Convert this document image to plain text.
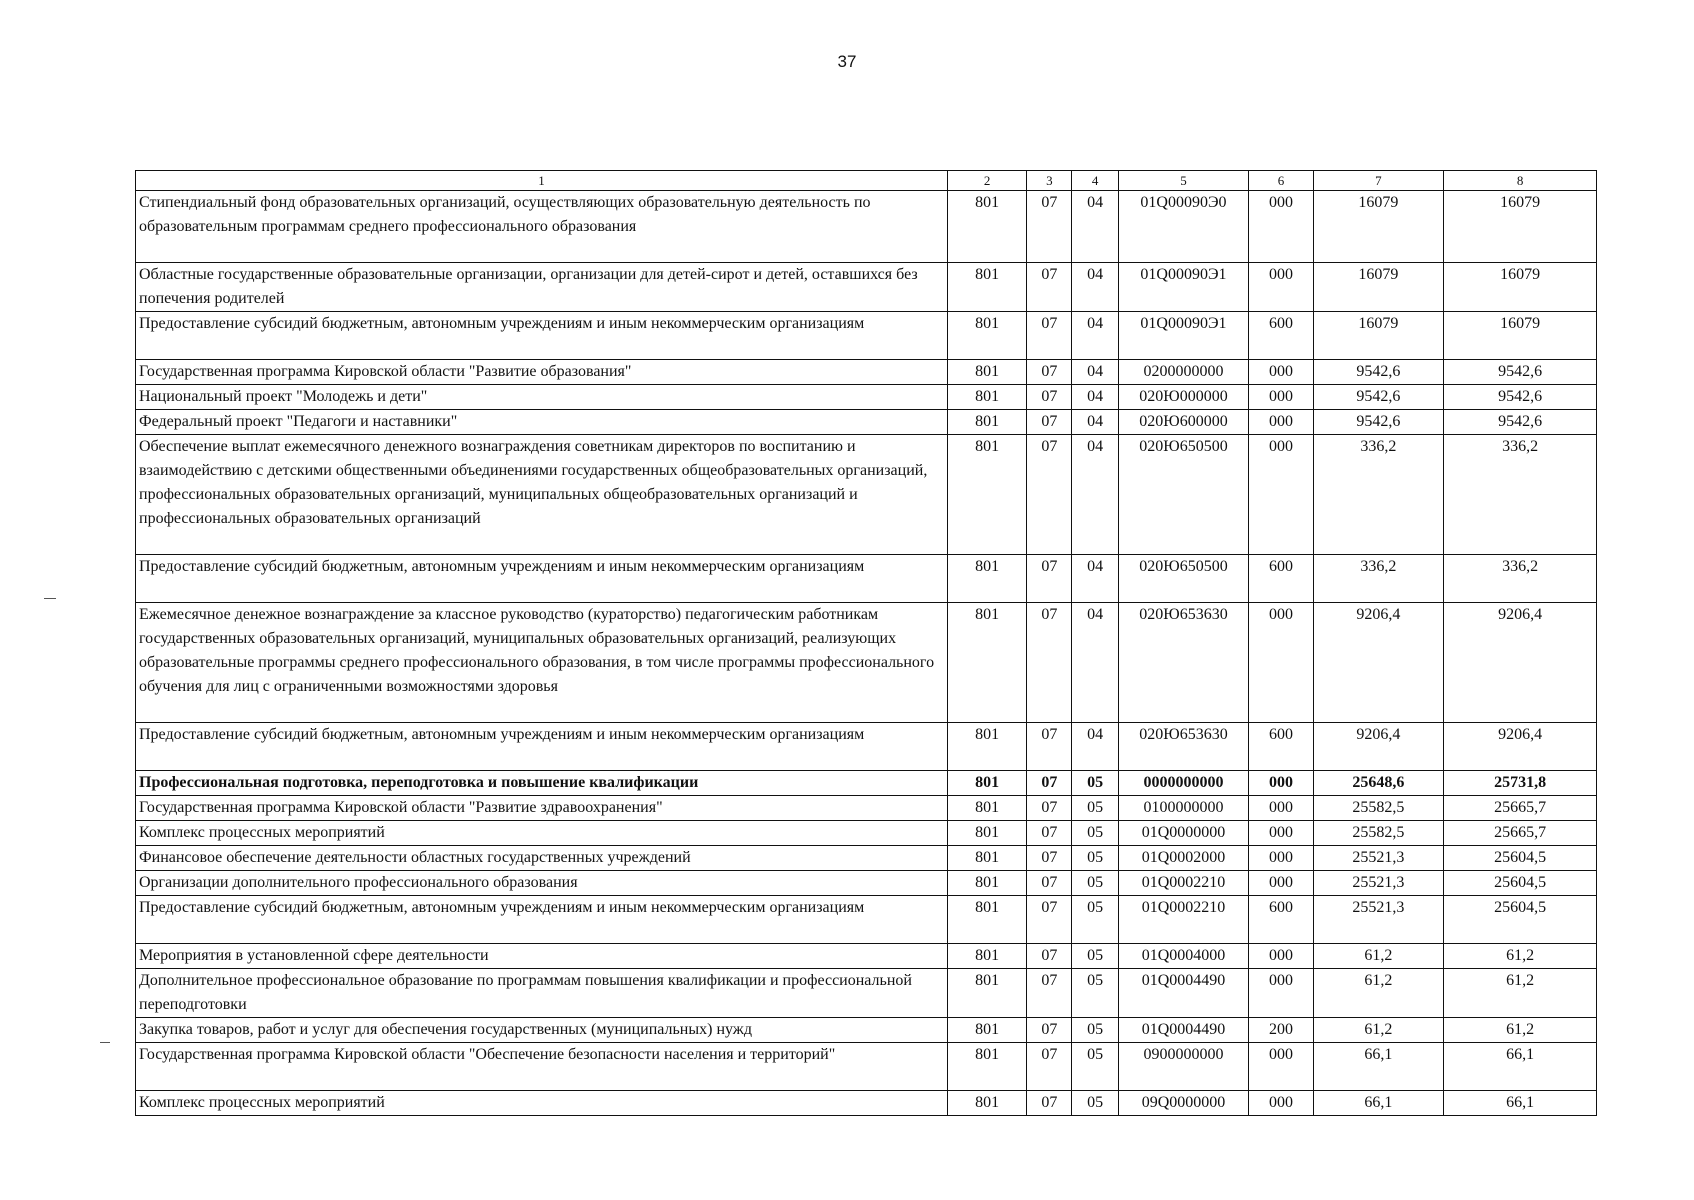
37
1	2	3	4	5	6	7	8
Стипендиальный фонд образовательных организаций, осуществляющих образовательную деятельность по образовательным программам среднего профессионального образования	801	07	04	01Q00090Э0	000	16079	16079
Областные государственные образовательные организации, организации для детей-сирот и детей, оставшихся без попечения родителей	801	07	04	01Q00090Э1	000	16079	16079
Предоставление субсидий бюджетным, автономным учреждениям и иным некоммерческим организациям	801	07	04	01Q00090Э1	600	16079	16079
Государственная программа Кировской области "Развитие образования"	801	07	04	0200000000	000	9542,6	9542,6
Национальный проект "Молодежь и дети"	801	07	04	020Ю000000	000	9542,6	9542,6
Федеральный проект "Педагоги и наставники"	801	07	04	020Ю600000	000	9542,6	9542,6
Обеспечение выплат ежемесячного денежного вознаграждения советникам директоров по воспитанию и взаимодействию с детскими общественными объединениями государственных общеобразовательных организаций, профессиональных образовательных организаций, муниципальных общеобразовательных организаций и профессиональных образовательных организаций	801	07	04	020Ю650500	000	336,2	336,2
Предоставление субсидий бюджетным, автономным учреждениям и иным некоммерческим организациям	801	07	04	020Ю650500	600	336,2	336,2
Ежемесячное денежное вознаграждение за классное руководство (кураторство) педагогическим работникам государственных образовательных организаций, муниципальных образовательных организаций, реализующих образовательные программы среднего профессионального образования, в том числе программы профессионального обучения для лиц с ограниченными возможностями здоровья	801	07	04	020Ю653630	000	9206,4	9206,4
Предоставление субсидий бюджетным, автономным учреждениям и иным некоммерческим организациям	801	07	04	020Ю653630	600	9206,4	9206,4
Профессиональная подготовка, переподготовка и повышение квалификации	801	07	05	0000000000	000	25648,6	25731,8
Государственная программа Кировской области "Развитие здравоохранения"	801	07	05	0100000000	000	25582,5	25665,7
Комплекс процессных мероприятий	801	07	05	01Q0000000	000	25582,5	25665,7
Финансовое обеспечение деятельности областных государственных учреждений	801	07	05	01Q0002000	000	25521,3	25604,5
Организации дополнительного профессионального образования	801	07	05	01Q0002210	000	25521,3	25604,5
Предоставление субсидий бюджетным, автономным учреждениям и иным некоммерческим организациям	801	07	05	01Q0002210	600	25521,3	25604,5
Мероприятия в установленной сфере деятельности	801	07	05	01Q0004000	000	61,2	61,2
Дополнительное профессиональное образование по программам повышения квалификации и профессиональной переподготовки	801	07	05	01Q0004490	000	61,2	61,2
Закупка товаров, работ и услуг для обеспечения государственных (муниципальных) нужд	801	07	05	01Q0004490	200	61,2	61,2
Государственная программа Кировской области "Обеспечение безопасности населения и территорий"	801	07	05	0900000000	000	66,1	66,1
Комплекс процессных мероприятий	801	07	05	09Q0000000	000	66,1	66,1
